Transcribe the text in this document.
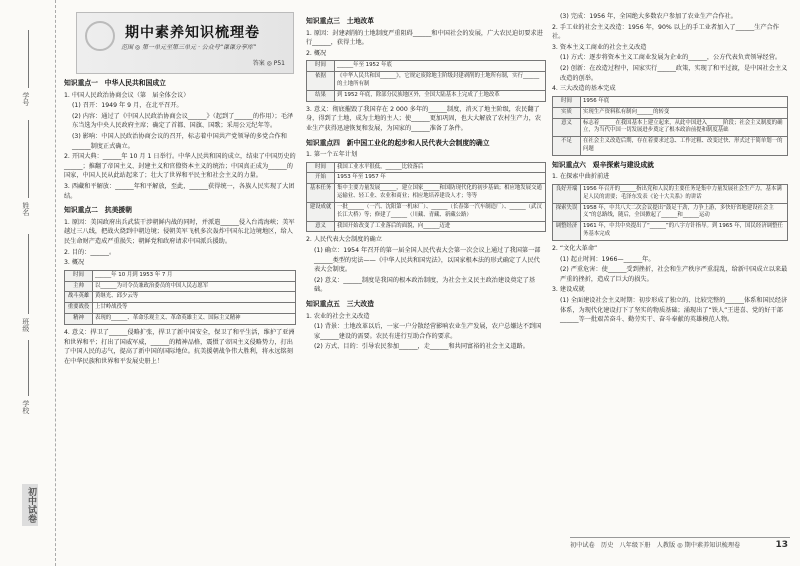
学号
姓名
班级
学校
初中试卷
期中素养知识梳理卷
范围 ◎ 第一单元至第三单元 · 公众号“课课分享库”
答案 ◎ P51
知识重点一　中华人民共和国成立
1. 中国人民政治协商会议（第　届全体会议）
(1) 召开：1949 年 9 月，在北平召开。
(2) 内容：通过了《中国人民政治协商会议______》（起到了______的作用）；毛泽东当选为中央人民政府主席；确定了首都、国旗、国歌；采用公元纪年等。
(3) 影响：中国人民政治协商会议的召开，标志着中国共产党领导的多党合作和______制度正式确立。
2. 开国大典：______年 10 月 1 日举行。中华人民共和国的成立，结束了中国历史的______；推翻了帝国主义、封建主义和官僚资本主义的统治；中国真正成为______的国家，中国人民从此站起来了；壮大了世界和平民主和社会主义的力量。
3. 西藏和平解放：______年和平解放，至此，______获得统一，各族人民实现了大团结。
知识重点二　抗美援朝
1. 原因：美国政府出兵武装干涉朝鲜内战的同时，并派遣______侵入台湾海峡；美军越过三八线，把战火烧到中朝边境；侵朝美军飞机多次轰炸中国东北边境地区，给人民生命财产造成严重损失；朝鲜党和政府请求中国派兵援助。
2. 目的：______。
3. 概况
时间	______年 10 月到 1953 年 7 月
主帅	以______为司令员兼政治委员的中国人民志愿军
战斗英雄	黄继光、邱少云等
重要战役	上甘岭战役等
精神	表现的______、革命乐观主义、革命英雄主义、国际主义精神
4. 意义：捍卫了______侵略扩张，捍卫了新中国安全，保卫了和平生活，维护了亚洲和世界和平；打出了国威军威，______的精神品格，震慑了帝国主义侵略势力，打出了中国人民的志气，提高了新中国的国际地位。抗美援朝战争伟大胜利，将永远铭刻在中华民族和世界和平发展史册上！
知识重点三　土地改革
1. 原因：封建剥削的土地制度严重阻碍______和中国社会的发展，广大农民迫切要求进行______，获得土地。
2. 概况
时间	______年至 1952 年底
依据	《中华人民共和国______》，它规定废除地主阶级封建剥削的土地所有制，实行______的土地所有制
结果	到 1952 年底，除部分民族地区外，全国大陆基本上完成了土地改革
3. 意义：彻底摧毁了我国存在 2 000 多年的______制度，消灭了地主阶级，农民翻了身，得到了土地，成为土地的主人；使______更加巩固，也大大解放了农村生产力，农业生产获得迅速恢复和发展，为国家的______准备了条件。
知识重点四　新中国工业化的起步和人民代表大会制度的确立
1. 第一个五年计划
时间	我国工业水平很低，______比较落后
开始	1953 年至 1957 年
基本任务	集中主要力量发展______，建立国家______和国防现代化的初步基础；相应地发展交通运输业、轻工业、农业和商业；相应地培养建设人才；等等
建设成就	一批______（一汽、沈阳第一机床厂）、______（长春第一汽车制造厂）、______（武汉长江大桥）等；修建了______（川藏、青藏、新藏公路）
意义	我国开始改变了工业落后的面貌，向______迈进
2. 人民代表大会制度的确立
(1) 确立：1954 年召开的第一届全国人民代表大会第一次会议上通过了我国第一部______类型的宪法——《中华人民共和国宪法》，以国家根本法的形式确定了人民代表大会制度。
(2) 意义：______制度是我国的根本政治制度，为社会主义民主政治建设奠定了基础。
知识重点五　三大改造
1. 农业的社会主义改造
(1) 背景：土地改革以后，一家一户分散经营影响农业生产发展，农户总嫌达不到国家______建设的需要。农民有进行互助合作的要求。
(2) 方式、目的：引导农民参加______，走______和共同富裕的社会主义道路。
(3) 完成：1956 年，全国绝大多数农户参加了农业生产合作社。
2. 手工业的社会主义改造：1956 年，90% 以上的手工业者加入了______生产合作社。
3. 资本主义工商业的社会主义改造
(1) 方式：逐步将资本主义工商业发展为企业的______，公方代表负责领导经营。
(2) 创新：在改造过程中，国家实行______政策，实现了和平过渡，是中国社会主义改造的创举。
4. 三大改造的基本完成
时间	1956 年底
实质	实现生产资料私有制向______的转变
意义	标志着______在我国基本上建立起来，从此中国进入______阶段；社会主义制度的确立，为当代中国一切发展进步奠定了根本政治前提和制度基础
不足	在社会主义改造后期，存在着要求过急、工作过粗、改变过快、形式过于简单划一的问题
知识重点六　艰辛探索与建设成就
1. 在探索中曲折前进
良好开端	1956 年召开的______指出党和人民的主要任务是集中力量发展社会生产力，基本满足人民的需要；毛泽东发表《论十大关系》的讲话
探索失误	1958 年，中共八大二次会议提出“鼓足干劲，力争上游，多快好省地建设社会主义”的总路线，随后，全国掀起了______和______运动
调整经济	1961 年，中共中央提出了“______”的八字方针指导。到 1965 年，国民经济调整任务基本完成
2. “文化大革命”
(1) 起止时间：1966—______年。
(2) 严重危害：使______受到挫折，社会和生产秩序严重混乱，给新中国成立以来最严重的挫折，造成了巨大的损失。
3. 建设成就
(1) 全面建设社会主义时期：初步形成了独立的、比较完整的______体系和国民经济体系，为现代化建设打下了坚实的物质基础；涌现出了“铁人”王进喜、党的好干部______等一批艰苦奋斗、勤劳实干、奋斗奉献的英雄模范人物。
初中试卷　历史　八年级下册　人教版 ◎ 期中素养知识梳理卷	13
